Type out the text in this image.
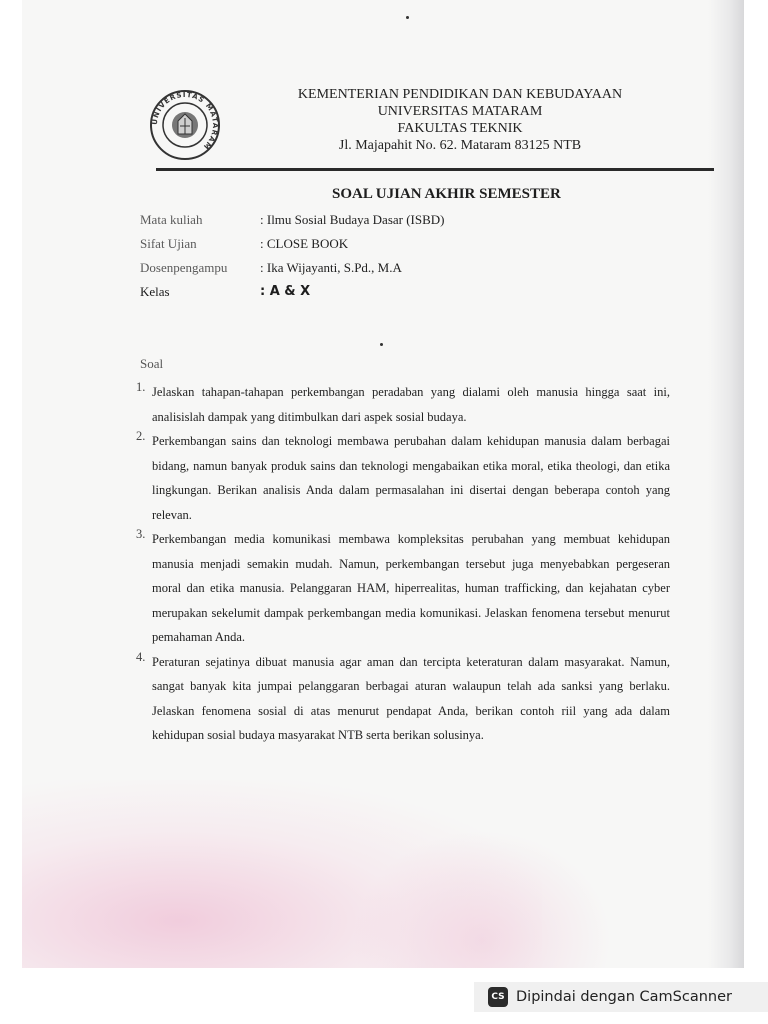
UNIVERSITAS MATARAM
KEMENTERIAN PENDIDIKAN DAN KEBUDAYAAN
UNIVERSITAS MATARAM
FAKULTAS TEKNIK
Jl. Majapahit No. 62. Mataram 83125 NTB
SOAL UJIAN AKHIR SEMESTER
Mata kuliah	: Ilmu Sosial Budaya Dasar (ISBD)
Sifat Ujian	: CLOSE BOOK
Dosenpengampu	: Ika Wijayanti, S.Pd., M.A
Kelas	: A & X
Soal
1. Jelaskan tahapan-tahapan perkembangan peradaban yang dialami oleh manusia hingga saat ini, analisislah dampak yang ditimbulkan dari aspek sosial budaya.
2. Perkembangan sains dan teknologi membawa perubahan dalam kehidupan manusia dalam berbagai bidang, namun banyak produk sains dan teknologi mengabaikan etika moral, etika theologi, dan etika lingkungan. Berikan analisis Anda dalam permasalahan ini disertai dengan beberapa contoh yang relevan.
3. Perkembangan media komunikasi membawa kompleksitas perubahan yang membuat kehidupan manusia menjadi semakin mudah. Namun, perkembangan tersebut juga menyebabkan pergeseran moral dan etika manusia. Pelanggaran HAM, hiperrealitas, human trafficking, dan kejahatan cyber merupakan sekelumit dampak perkembangan media komunikasi. Jelaskan fenomena tersebut menurut pemahaman Anda.
4. Peraturan sejatinya dibuat manusia agar aman dan tercipta keteraturan dalam masyarakat. Namun, sangat banyak kita jumpai pelanggaran berbagai aturan walaupun telah ada sanksi yang berlaku. Jelaskan fenomena sosial di atas menurut pendapat Anda, berikan contoh riil yang ada dalam kehidupan sosial budaya masyarakat NTB serta berikan solusinya.
CS Dipindai dengan CamScanner
